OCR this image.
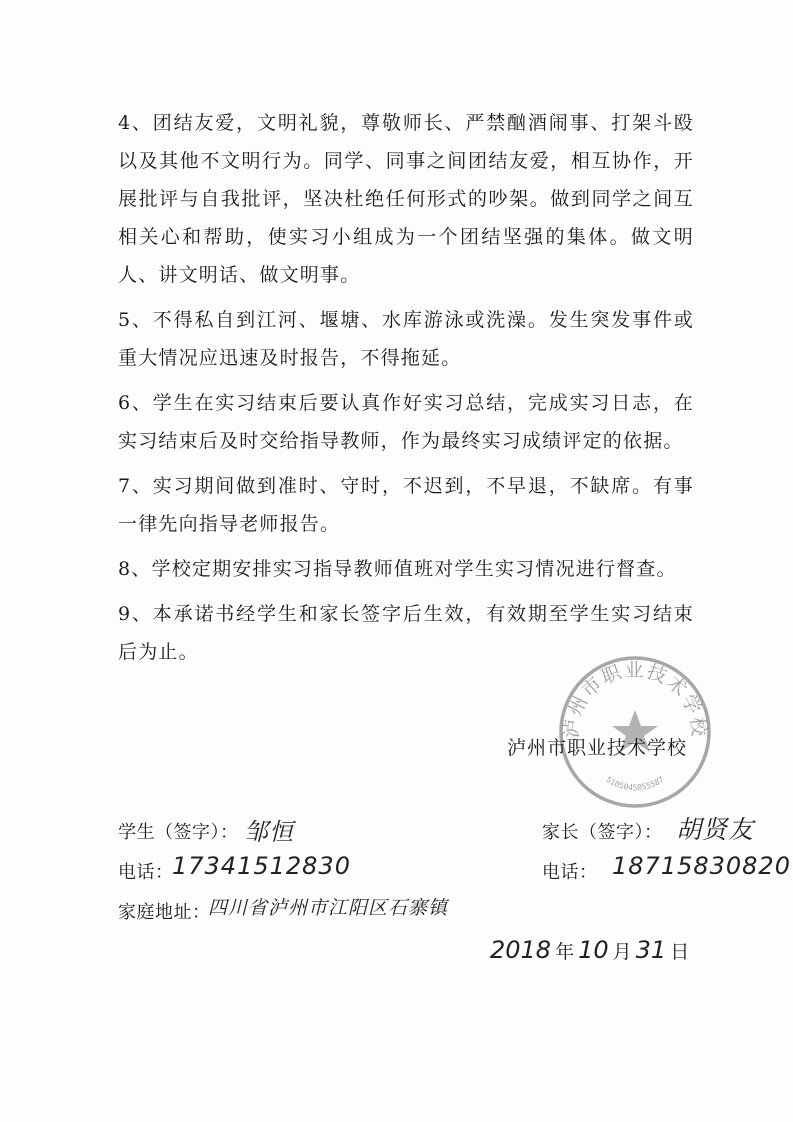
4、团结友爱，文明礼貌，尊敬师长、严禁酗酒闹事、打架斗殴以及其他不文明行为。同学、同事之间团结友爱，相互协作，开展批评与自我批评，坚决杜绝任何形式的吵架。做到同学之间互相关心和帮助，使实习小组成为一个团结坚强的集体。做文明人、讲文明话、做文明事。

5、不得私自到江河、堰塘、水库游泳或洗澡。发生突发事件或重大情况应迅速及时报告，不得拖延。

6、学生在实习结束后要认真作好实习总结，完成实习日志，在实习结束后及时交给指导教师，作为最终实习成绩评定的依据。

7、实习期间做到准时、守时，不迟到，不早退，不缺席。有事一律先向指导老师报告。

8、学校定期安排实习指导教师值班对学生实习情况进行督查。

9、本承诺书经学生和家长签字后生效，有效期至学生实习结束后为止。

泸州市职业技术学校
5105045055587
泸州市职业技术学校
学生（签字）： 邹恒
电话：
17341512830
家庭地址：
四川省泸州市江阳区石寨镇
家长（签字）： 胡贤友
电话： 18715830820
2018 年 10 月 31 日
